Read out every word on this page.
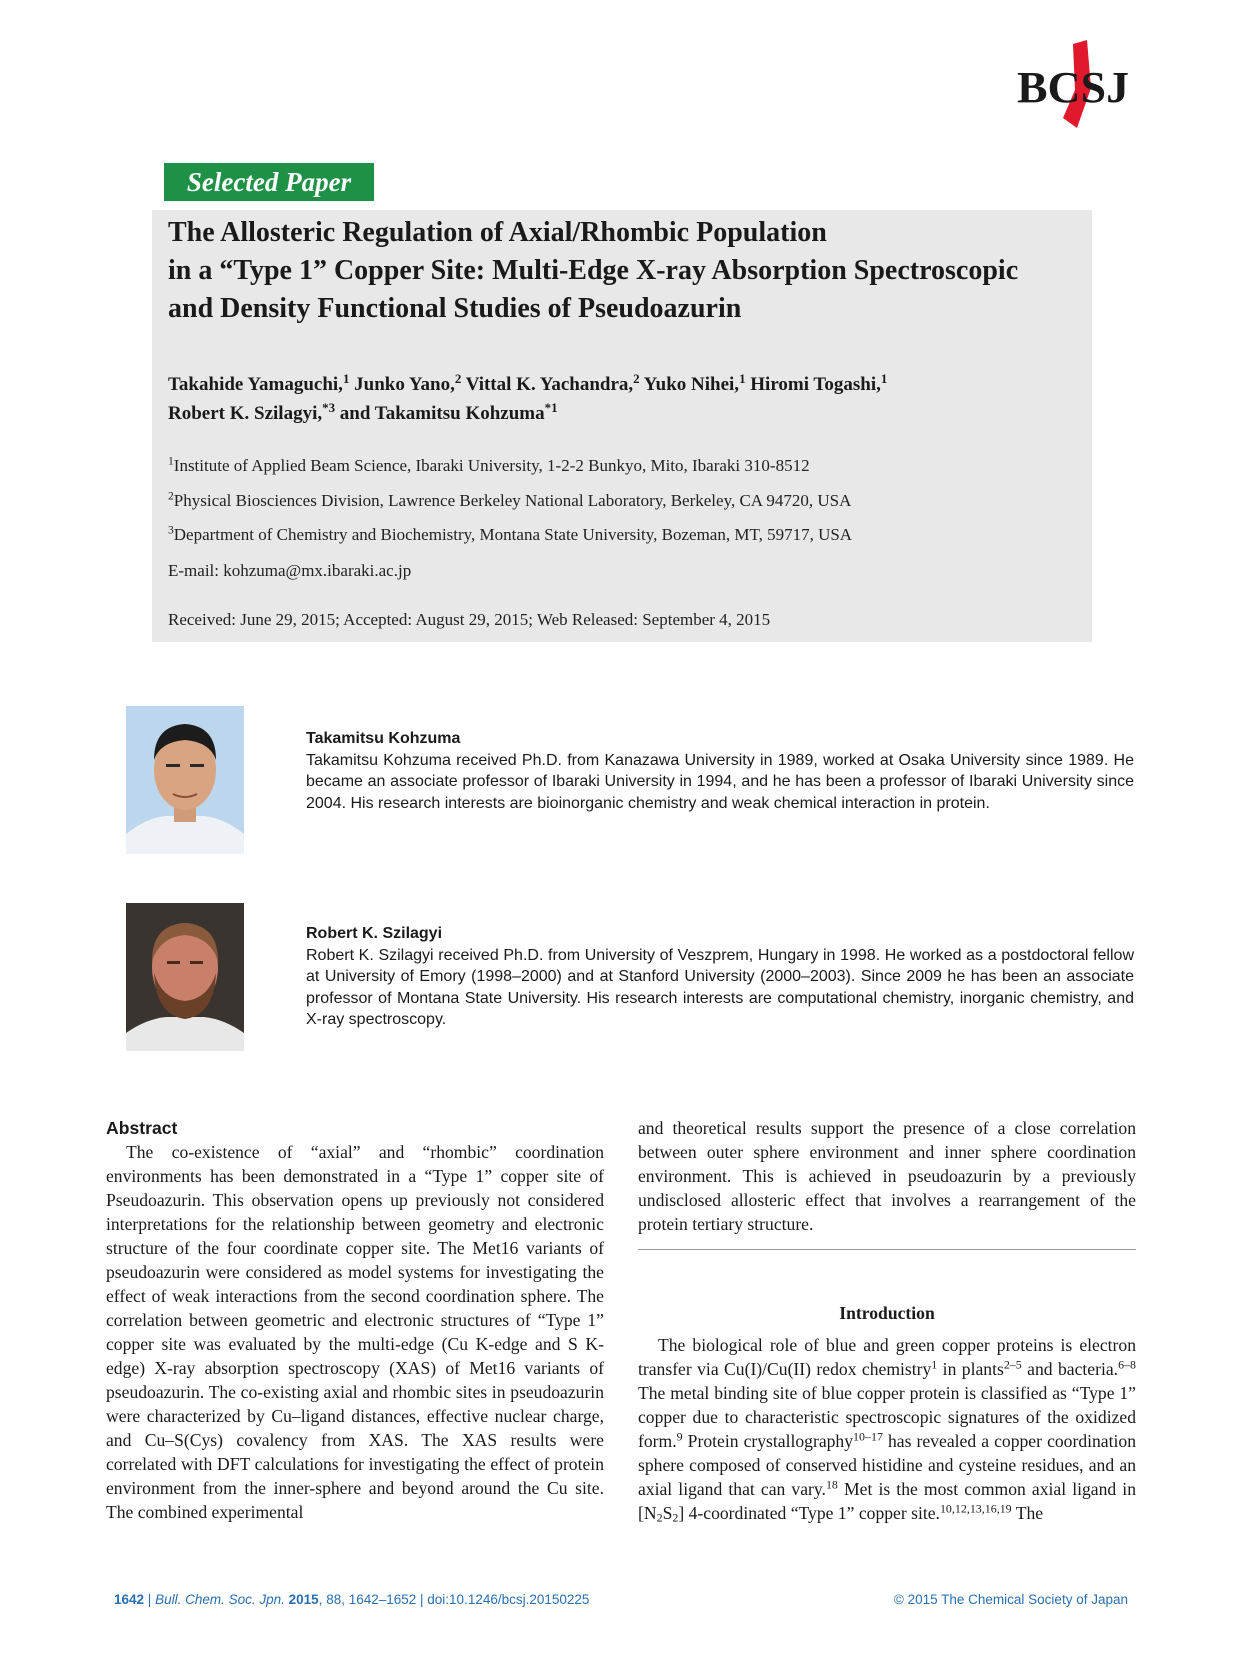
BCSJ
Selected Paper
The Allosteric Regulation of Axial/Rhombic Population
in a “Type 1” Copper Site: Multi-Edge X-ray Absorption Spectroscopic
and Density Functional Studies of Pseudoazurin
Takahide Yamaguchi,$^1$ Junko Yano,$^2$ Vittal K. Yachandra,$^2$ Yuko Nihei,$^1$ Hiromi Togashi,$^1$
Robert K. Szilagyi,$^{*3}$ and Takamitsu Kohzuma$^{*1}$
$^1$Institute of Applied Beam Science, Ibaraki University, 1-2-2 Bunkyo, Mito, Ibaraki 310-8512
$^2$Physical Biosciences Division, Lawrence Berkeley National Laboratory, Berkeley, CA 94720, USA
$^3$Department of Chemistry and Biochemistry, Montana State University, Bozeman, MT, 59717, USA
E-mail: kohzuma@mx.ibaraki.ac.jp
Received: June 29, 2015; Accepted: August 29, 2015; Web Released: September 4, 2015
Takamitsu Kohzuma
Takamitsu Kohzuma received Ph.D. from Kanazawa University in 1989, worked at Osaka University since 1989. He became an associate professor of Ibaraki University in 1994, and he has been a professor of Ibaraki University since 2004. His research interests are bioinorganic chemistry and weak chemical interaction in protein.
Robert K. Szilagyi
Robert K. Szilagyi received Ph.D. from University of Veszprem, Hungary in 1998. He worked as a postdoctoral fellow at University of Emory (1998–2000) and at Stanford University (2000–2003). Since 2009 he has been an associate professor of Montana State University. His research interests are computational chemistry, inorganic chemistry, and X-ray spectroscopy.
Abstract

The co-existence of “axial” and “rhombic” coordination environments has been demonstrated in a “Type 1” copper site of Pseudoazurin. This observation opens up previously not considered interpretations for the relationship between geometry and electronic structure of the four coordinate copper site. The Met16 variants of pseudoazurin were considered as model systems for investigating the effect of weak interactions from the second coordination sphere. The correlation between geometric and electronic structures of “Type 1” copper site was evaluated by the multi-edge (Cu K-edge and S K-edge) X-ray absorption spectroscopy (XAS) of Met16 variants of pseudoazurin. The co-existing axial and rhombic sites in pseudoazurin were characterized by Cu–ligand distances, effective nuclear charge, and Cu–S(Cys) covalency from XAS. The XAS results were correlated with DFT calculations for investigating the effect of protein environment from the inner-sphere and beyond around the Cu site. The combined experimental

and theoretical results support the presence of a close correlation between outer sphere environment and inner sphere coordination environment. This is achieved in pseudoazurin by a previously undisclosed allosteric effect that involves a rearrangement of the protein tertiary structure.

Introduction

The biological role of blue and green copper proteins is electron transfer via Cu(I)/Cu(II) redox chemistry$^1$ in plants$^{2-5}$ and bacteria.$^{6-8}$ The metal binding site of blue copper protein is classified as “Type 1” copper due to characteristic spectroscopic signatures of the oxidized form.$^9$ Protein crystallography$^{10-17}$ has revealed a copper coordination sphere composed of conserved histidine and cysteine residues, and an axial ligand that can vary.$^{18}$ Met is the most common axial ligand in $[N_2S_2]$ 4-coordinated “Type 1” copper site.$^{10,12,13,16,19}$ The

1642 | Bull. Chem. Soc. Jpn. 2015, 88, 1642–1652 | doi:10.1246/bcsj.20150225	© 2015 The Chemical Society of Japan
